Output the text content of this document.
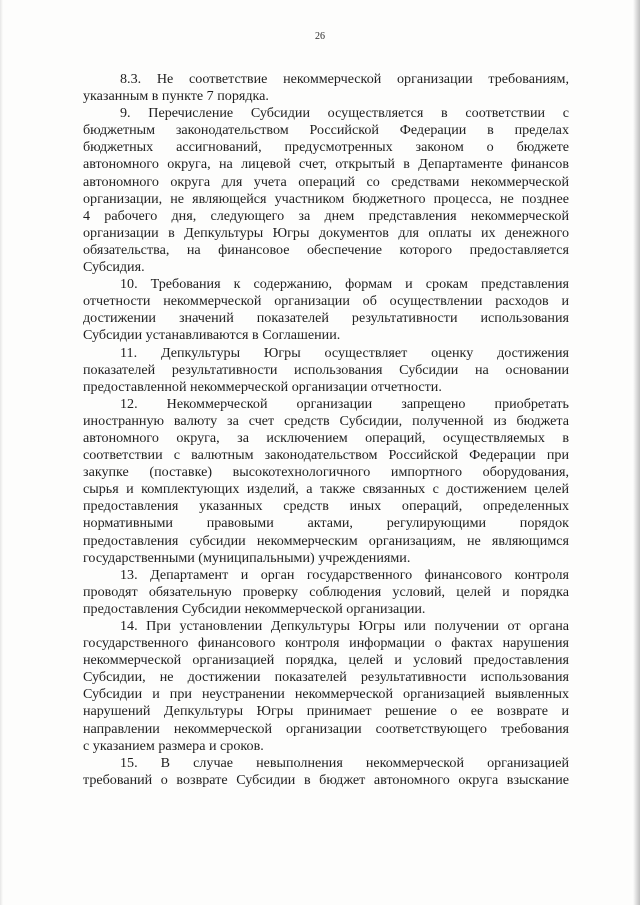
26
8.3. Не соответствие некоммерческой организации требованиям,
указанным в пункте 7 порядка.
9. Перечисление Субсидии осуществляется в соответствии с
бюджетным законодательством Российской Федерации в пределах
бюджетных ассигнований, предусмотренных законом о бюджете
автономного округа, на лицевой счет, открытый в Департаменте финансов
автономного округа для учета операций со средствами некоммерческой
организации, не являющейся участником бюджетного процесса, не позднее
4 рабочего дня, следующего за днем представления некоммерческой
организации в Депкультуры Югры документов для оплаты их денежного
обязательства, на финансовое обеспечение которого предоставляется
Субсидия.
10. Требования к содержанию, формам и срокам представления
отчетности некоммерческой организации об осуществлении расходов и
достижении значений показателей результативности использования
Субсидии устанавливаются в Соглашении.
11. Депкультуры Югры осуществляет оценку достижения
показателей результативности использования Субсидии на основании
предоставленной некоммерческой организации отчетности.
12. Некоммерческой организации запрещено приобретать
иностранную валюту за счет средств Субсидии, полученной из бюджета
автономного округа, за исключением операций, осуществляемых в
соответствии с валютным законодательством Российской Федерации при
закупке (поставке) высокотехнологичного импортного оборудования,
сырья и комплектующих изделий, а также связанных с достижением целей
предоставления указанных средств иных операций, определенных
нормативными правовыми актами, регулирующими порядок
предоставления субсидии некоммерческим организациям, не являющимся
государственными (муниципальными) учреждениями.
13. Департамент и орган государственного финансового контроля
проводят обязательную проверку соблюдения условий, целей и порядка
предоставления Субсидии некоммерческой организации.
14. При установлении Депкультуры Югры или получении от органа
государственного финансового контроля информации о фактах нарушения
некоммерческой организацией порядка, целей и условий предоставления
Субсидии, не достижении показателей результативности использования
Субсидии и при неустранении некоммерческой организацией выявленных
нарушений Депкультуры Югры принимает решение о ее возврате и
направлении некоммерческой организации соответствующего требования
с указанием размера и сроков.
15. В случае невыполнения некоммерческой организацией
требований о возврате Субсидии в бюджет автономного округа взыскание
